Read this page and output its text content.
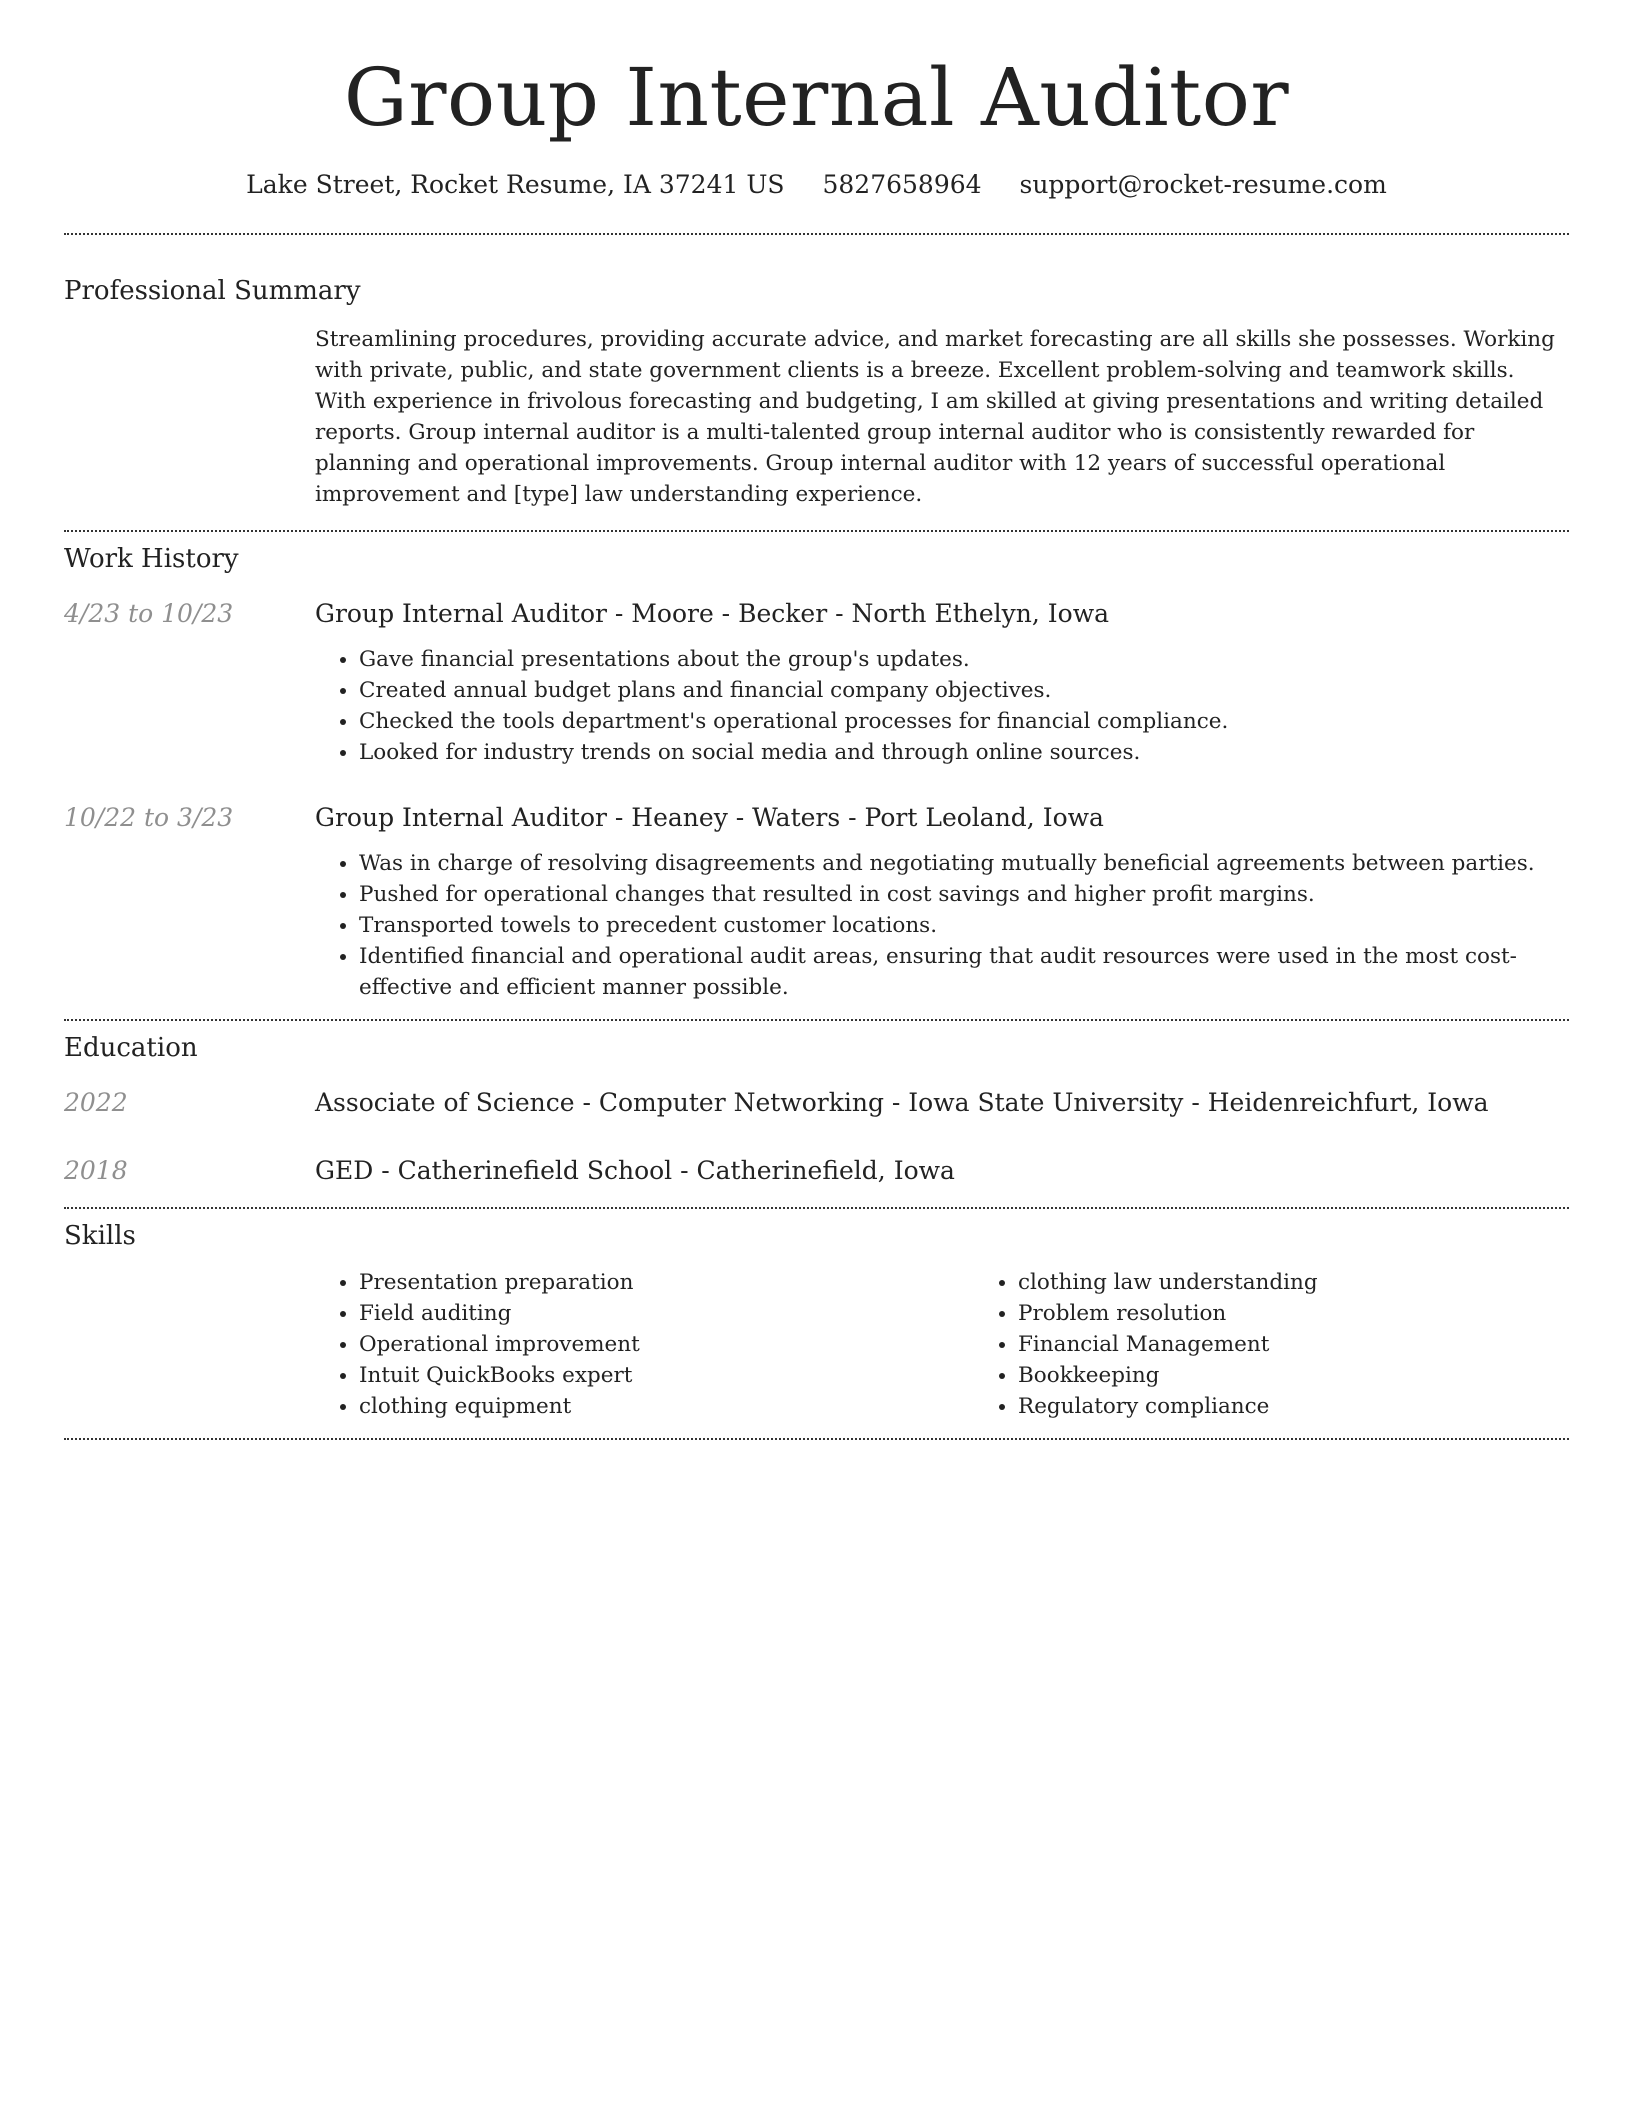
Group Internal Auditor
Lake Street, Rocket Resume, IA 37241 US 5827658964 support@rocket-resume.com
Professional Summary

Streamlining procedures, providing accurate advice, and market forecasting are all skills she possesses. Working with private, public, and state government clients is a breeze. Excellent problem-solving and teamwork skills. With experience in frivolous forecasting and budgeting, I am skilled at giving presentations and writing detailed reports. Group internal auditor is a multi-talented group internal auditor who is consistently rewarded for planning and operational improvements. Group internal auditor with 12 years of successful operational improvement and [type] law understanding experience.

Work History
4/23 to 10/23	Group Internal Auditor - Moore - Becker - North Ethelyn, Iowa

• Gave financial presentations about the group's updates.
• Created annual budget plans and financial company objectives.
• Checked the tools department's operational processes for financial compliance.
• Looked for industry trends on social media and through online sources.
10/22 to 3/23	Group Internal Auditor - Heaney - Waters - Port Leoland, Iowa

• Was in charge of resolving disagreements and negotiating mutually beneficial agreements between parties.
• Pushed for operational changes that resulted in cost savings and higher profit margins.
• Transported towels to precedent customer locations.
• Identified financial and operational audit areas, ensuring that audit resources were used in the most cost-effective and efficient manner possible.
Education
2022	Associate of Science - Computer Networking - Iowa State University - Heidenreichfurt, Iowa

2018	GED - Catherinefield School - Catherinefield, Iowa

Skills
• Presentation preparation
• Field auditing
• Operational improvement
• Intuit QuickBooks expert
• clothing equipment
• clothing law understanding
• Problem resolution
• Financial Management
• Bookkeeping
• Regulatory compliance
